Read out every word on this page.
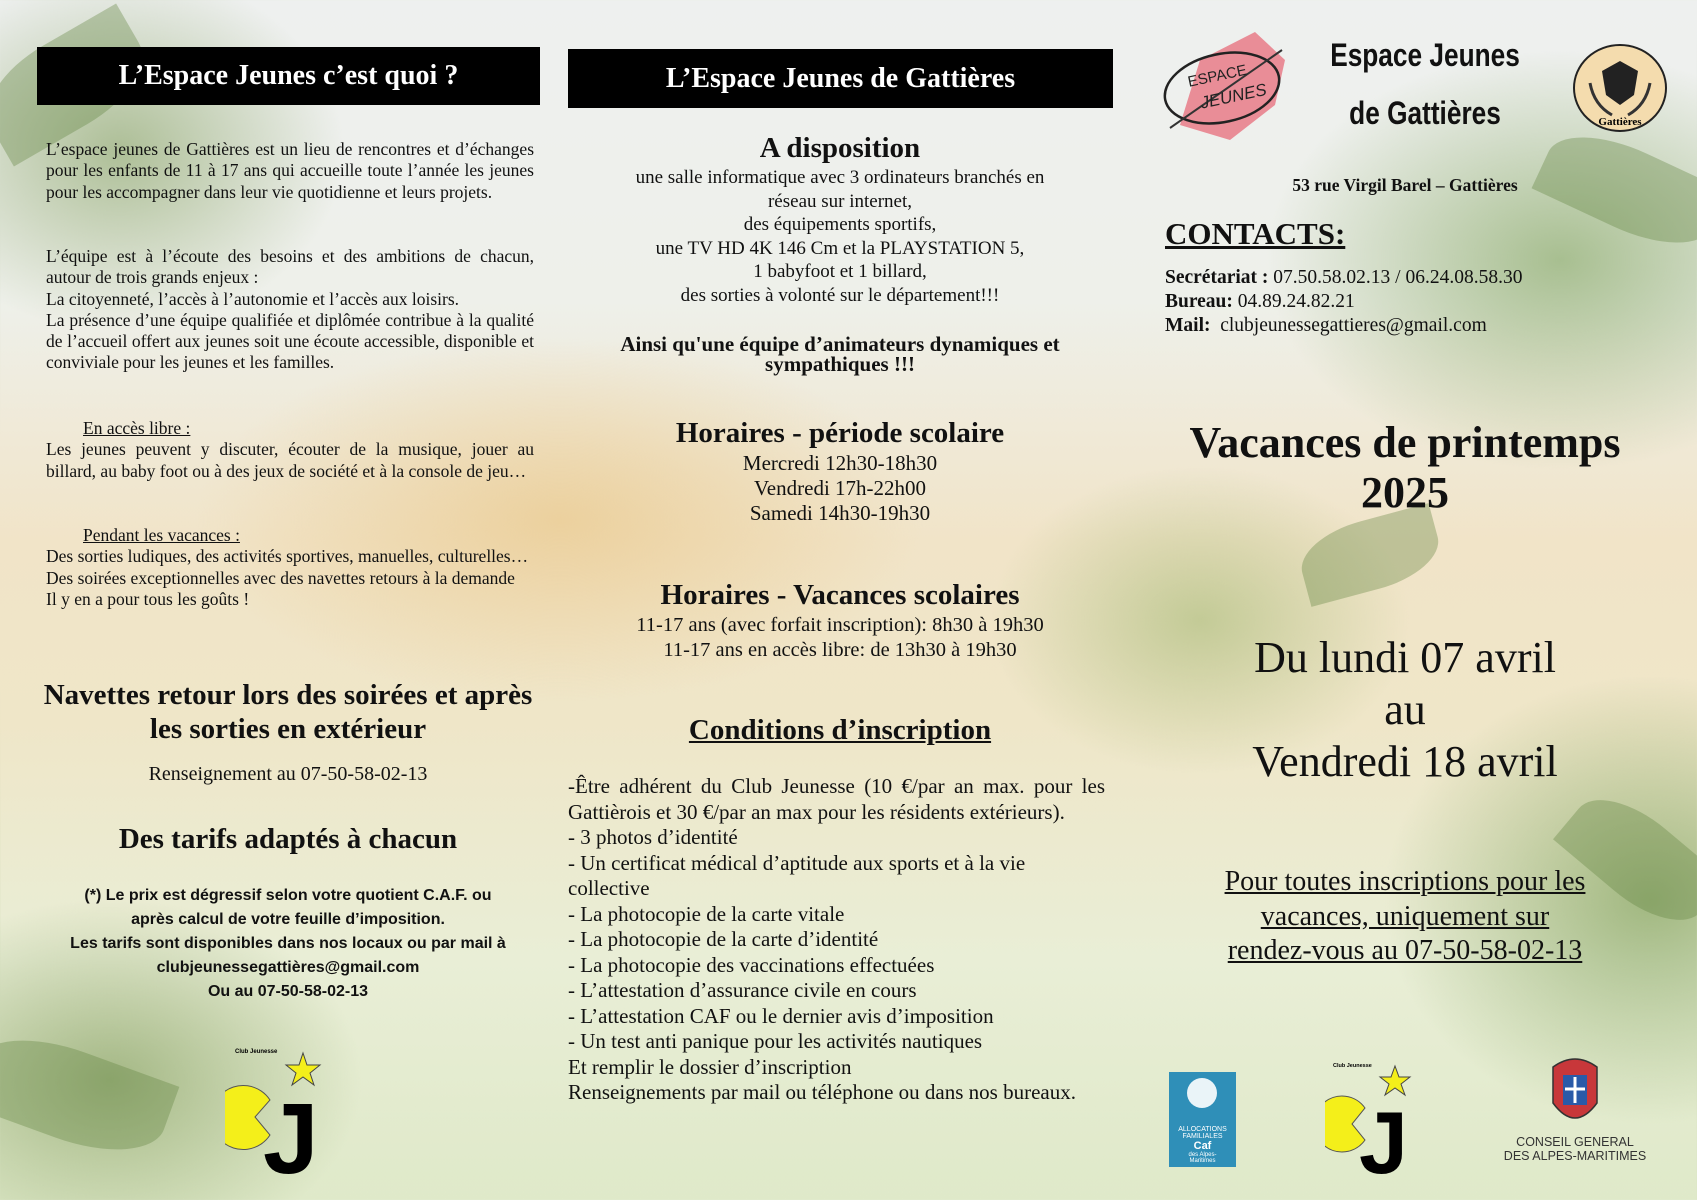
L’Espace Jeunes c’est quoi ?
L’espace jeunes de Gattières est un lieu de rencontres et d’échanges pour les enfants de 11 à 17 ans qui accueille toute l’année les jeunes pour les accompagner dans leur vie quotidienne et leurs projets.
L’équipe est à l’écoute des besoins et des ambitions de chacun, autour de trois grands enjeux :
La citoyenneté, l’accès à l’autonomie et l’accès aux loisirs.
La présence d’une équipe qualifiée et diplômée contribue à la qualité de l’accueil offert aux jeunes soit une écoute accessible, disponible et conviviale pour les jeunes et les familles.
En accès libre :
Les jeunes peuvent y discuter, écouter de la musique, jouer au billard, au baby foot ou à des jeux de société et à la console de jeu…
Pendant les vacances :
Des sorties ludiques, des activités sportives, manuelles, culturelles…
Des soirées exceptionnelles avec des navettes retours à la demande
Il y en a pour tous les goûts !
Navettes retour lors des soirées et après les sorties en extérieur
Renseignement au 07-50-58-02-13
Des tarifs adaptés à chacun
(*) Le prix est dégressif selon votre quotient C.A.F. ou
après calcul de votre feuille d’imposition.
Les tarifs sont disponibles dans nos locaux ou par mail à
clubjeunessegattières@gmail.com
Ou au 07-50-58-02-13
Club Jeunesse
J
L’Espace Jeunes de Gattières
A disposition
une salle informatique avec 3 ordinateurs branchés en
réseau sur internet,
des équipements sportifs,
une TV HD 4K 146 Cm et la PLAYSTATION 5,
1 babyfoot et 1 billard,
des sorties à volonté sur le département!!!
Ainsi qu'une équipe d’animateurs dynamiques et
sympathiques !!!
Horaires - période scolaire
Mercredi 12h30-18h30
Vendredi 17h-22h00
Samedi 14h30-19h30
Horaires - Vacances scolaires
11-17 ans (avec forfait inscription): 8h30 à 19h30
11-17 ans en accès libre: de 13h30 à 19h30
Conditions d’inscription
-Être adhérent du Club Jeunesse (10 €/par an max. pour les Gattièrois et 30 €/par an max pour les résidents extérieurs).
- 3 photos d’identité
- Un certificat médical d’aptitude aux sports et à la vie collective
- La photocopie de la carte vitale
- La photocopie de la carte d’identité
- La photocopie des vaccinations effectuées
- L’attestation d’assurance civile en cours
- L’attestation CAF ou le dernier avis d’imposition
- Un test anti panique pour les activités nautiques
Et remplir le dossier d’inscription
Renseignements par mail ou téléphone ou dans nos bureaux.
ESPACE
JEUNES
Espace Jeunes
de Gattières	Gattières
53 rue Virgil Barel – Gattières
CONTACTS:
Secrétariat : 07.50.58.02.13 / 06.24.08.58.30
Bureau: 04.89.24.82.21
Mail:  clubjeunessegattieres@gmail.com
Vacances de printemps
2025
Du lundi 07 avril
au
Vendredi 18 avril
Pour toutes inscriptions pour les
vacances, uniquement sur
rendez-vous au 07-50-58-02-13
ALLOCATIONS
FAMILIALES
Caf
des Alpes-
Maritimes
Club Jeunesse
J	CONSEIL GENERAL
DES ALPES-MARITIMES
